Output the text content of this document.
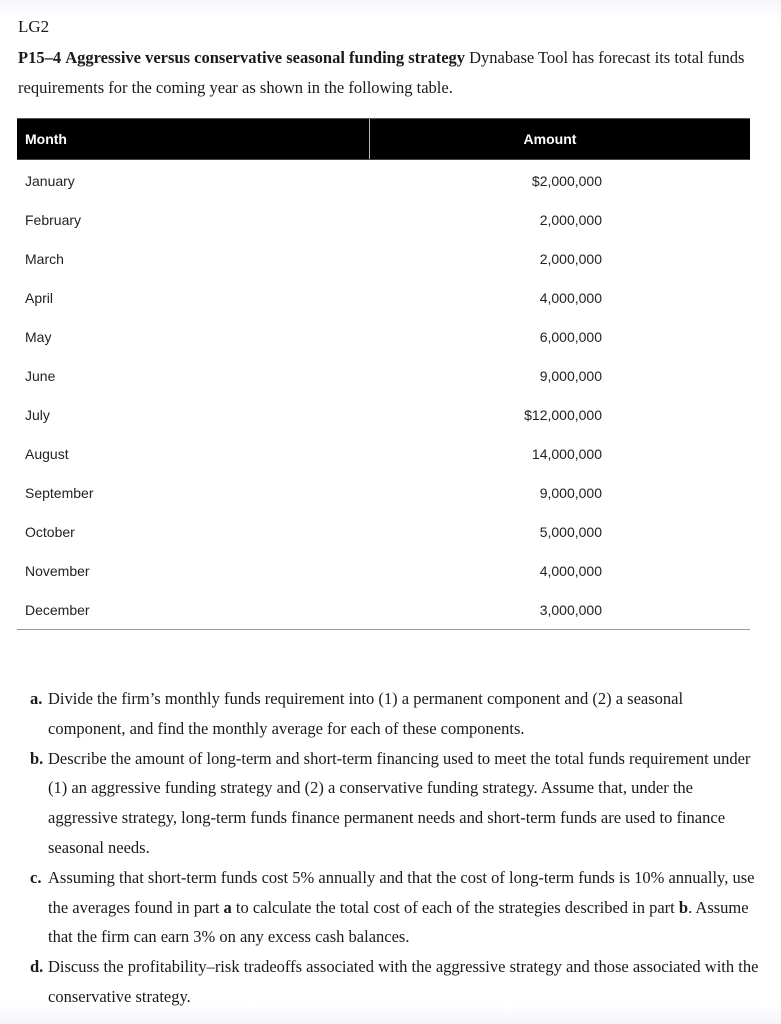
LG2
P15–4 Aggressive versus conservative seasonal funding strategy Dynabase Tool has forecast its total funds requirements for the coming year as shown in the following table.
Month	Amount
January	$2,000,000
February	2,000,000
March	2,000,000
April	4,000,000
May	6,000,000
June	9,000,000
July	$12,000,000
August	14,000,000
September	9,000,000
October	5,000,000
November	4,000,000
December	3,000,000
a. Divide the firm’s monthly funds requirement into (1) a permanent component and (2) a seasonal component, and find the monthly average for each of these components.
b. Describe the amount of long-term and short-term financing used to meet the total funds requirement under (1) an aggressive funding strategy and (2) a conservative funding strategy. Assume that, under the aggressive strategy, long-term funds finance permanent needs and short-term funds are used to finance seasonal needs.
c. Assuming that short-term funds cost 5% annually and that the cost of long-term funds is 10% annually, use the averages found in part a to calculate the total cost of each of the strategies described in part b. Assume that the firm can earn 3% on any excess cash balances.
d. Discuss the profitability–risk tradeoffs associated with the aggressive strategy and those associated with the conservative strategy.
